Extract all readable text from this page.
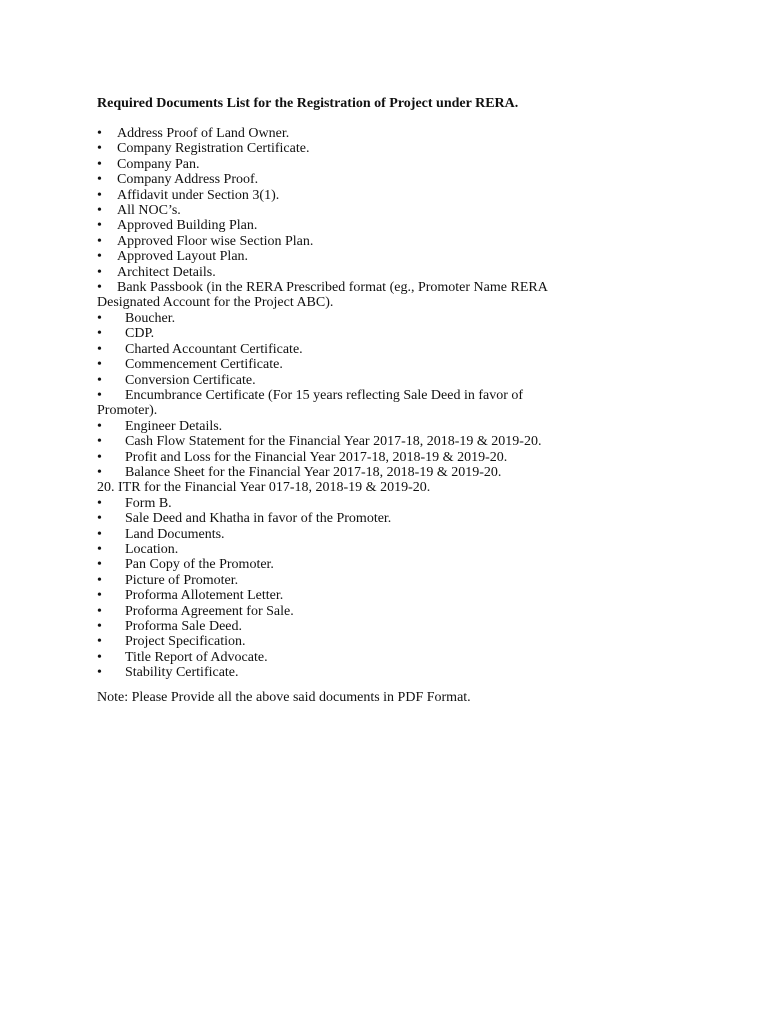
Required Documents List for the Registration of Project under RERA.
• Address Proof of Land Owner.
• Company Registration Certificate.
• Company Pan.
• Company Address Proof.
• Affidavit under Section 3(1).
• All NOC’s.
• Approved Building Plan.
• Approved Floor wise Section Plan.
• Approved Layout Plan.
• Architect Details.
• Bank Passbook (in the RERA Prescribed format (eg., Promoter Name RERA
Designated Account for the Project ABC).
• Boucher.
• CDP.
• Charted Accountant Certificate.
• Commencement Certificate.
• Conversion Certificate.
• Encumbrance Certificate (For 15 years reflecting Sale Deed in favor of
Promoter).
• Engineer Details.
• Cash Flow Statement for the Financial Year 2017-18, 2018-19 & 2019-20.
• Profit and Loss for the Financial Year 2017-18, 2018-19 & 2019-20.
• Balance Sheet for the Financial Year 2017-18, 2018-19 & 2019-20.
20. ITR for the Financial Year 017-18, 2018-19 & 2019-20.
• Form B.
• Sale Deed and Khatha in favor of the Promoter.
• Land Documents.
• Location.
• Pan Copy of the Promoter.
• Picture of Promoter.
• Proforma Allotement Letter.
• Proforma Agreement for Sale.
• Proforma Sale Deed.
• Project Specification.
• Title Report of Advocate.
• Stability Certificate.
Note: Please Provide all the above said documents in PDF Format.
